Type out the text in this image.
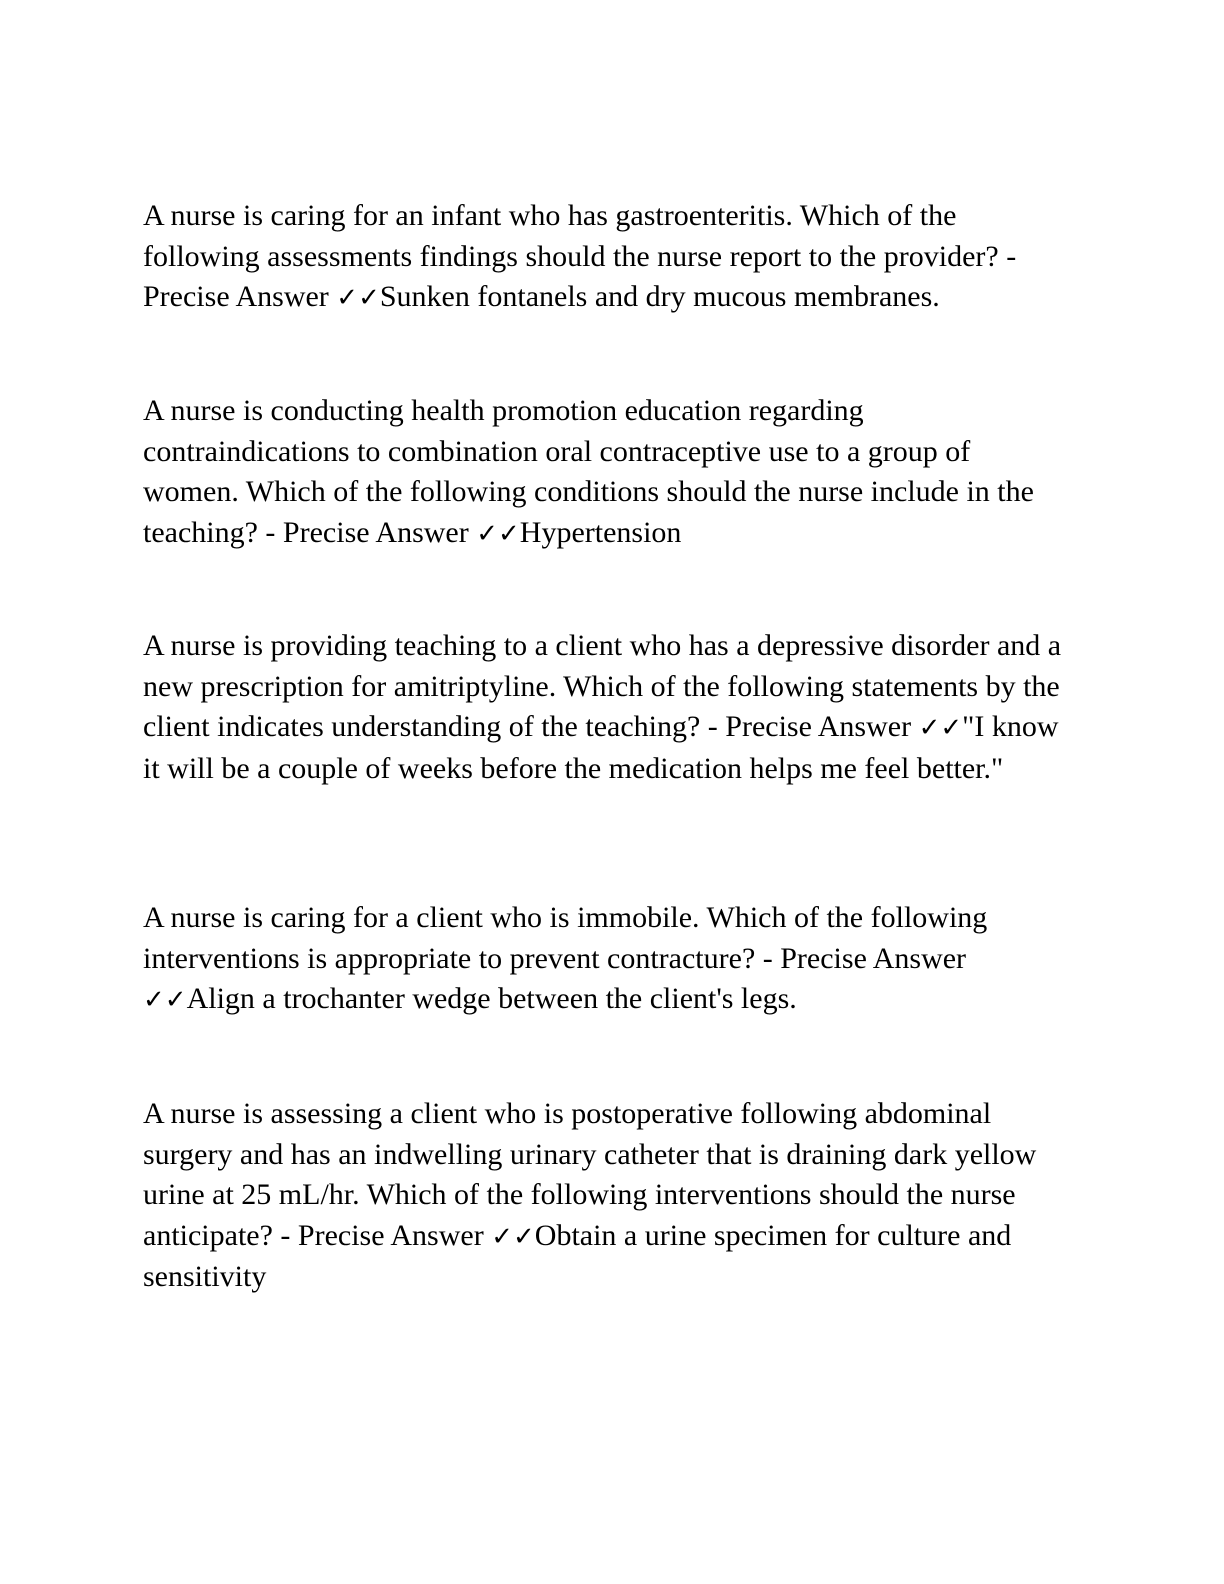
A nurse is caring for an infant who has gastroenteritis. Which of the following assessments findings should the nurse report to the provider? - Precise Answer ✓✓Sunken fontanels and dry mucous membranes.

A nurse is conducting health promotion education regarding contraindications to combination oral contraceptive use to a group of women. Which of the following conditions should the nurse include in the teaching? - Precise Answer ✓✓Hypertension

A nurse is providing teaching to a client who has a depressive disorder and a new prescription for amitriptyline. Which of the following statements by the client indicates understanding of the teaching? - Precise Answer ✓✓"I know it will be a couple of weeks before the medication helps me feel better."

A nurse is caring for a client who is immobile. Which of the following interventions is appropriate to prevent contracture? - Precise Answer ✓✓Align a trochanter wedge between the client's legs.

A nurse is assessing a client who is postoperative following abdominal surgery and has an indwelling urinary catheter that is draining dark yellow urine at 25 mL/hr. Which of the following interventions should the nurse anticipate? - Precise Answer ✓✓Obtain a urine specimen for culture and sensitivity
